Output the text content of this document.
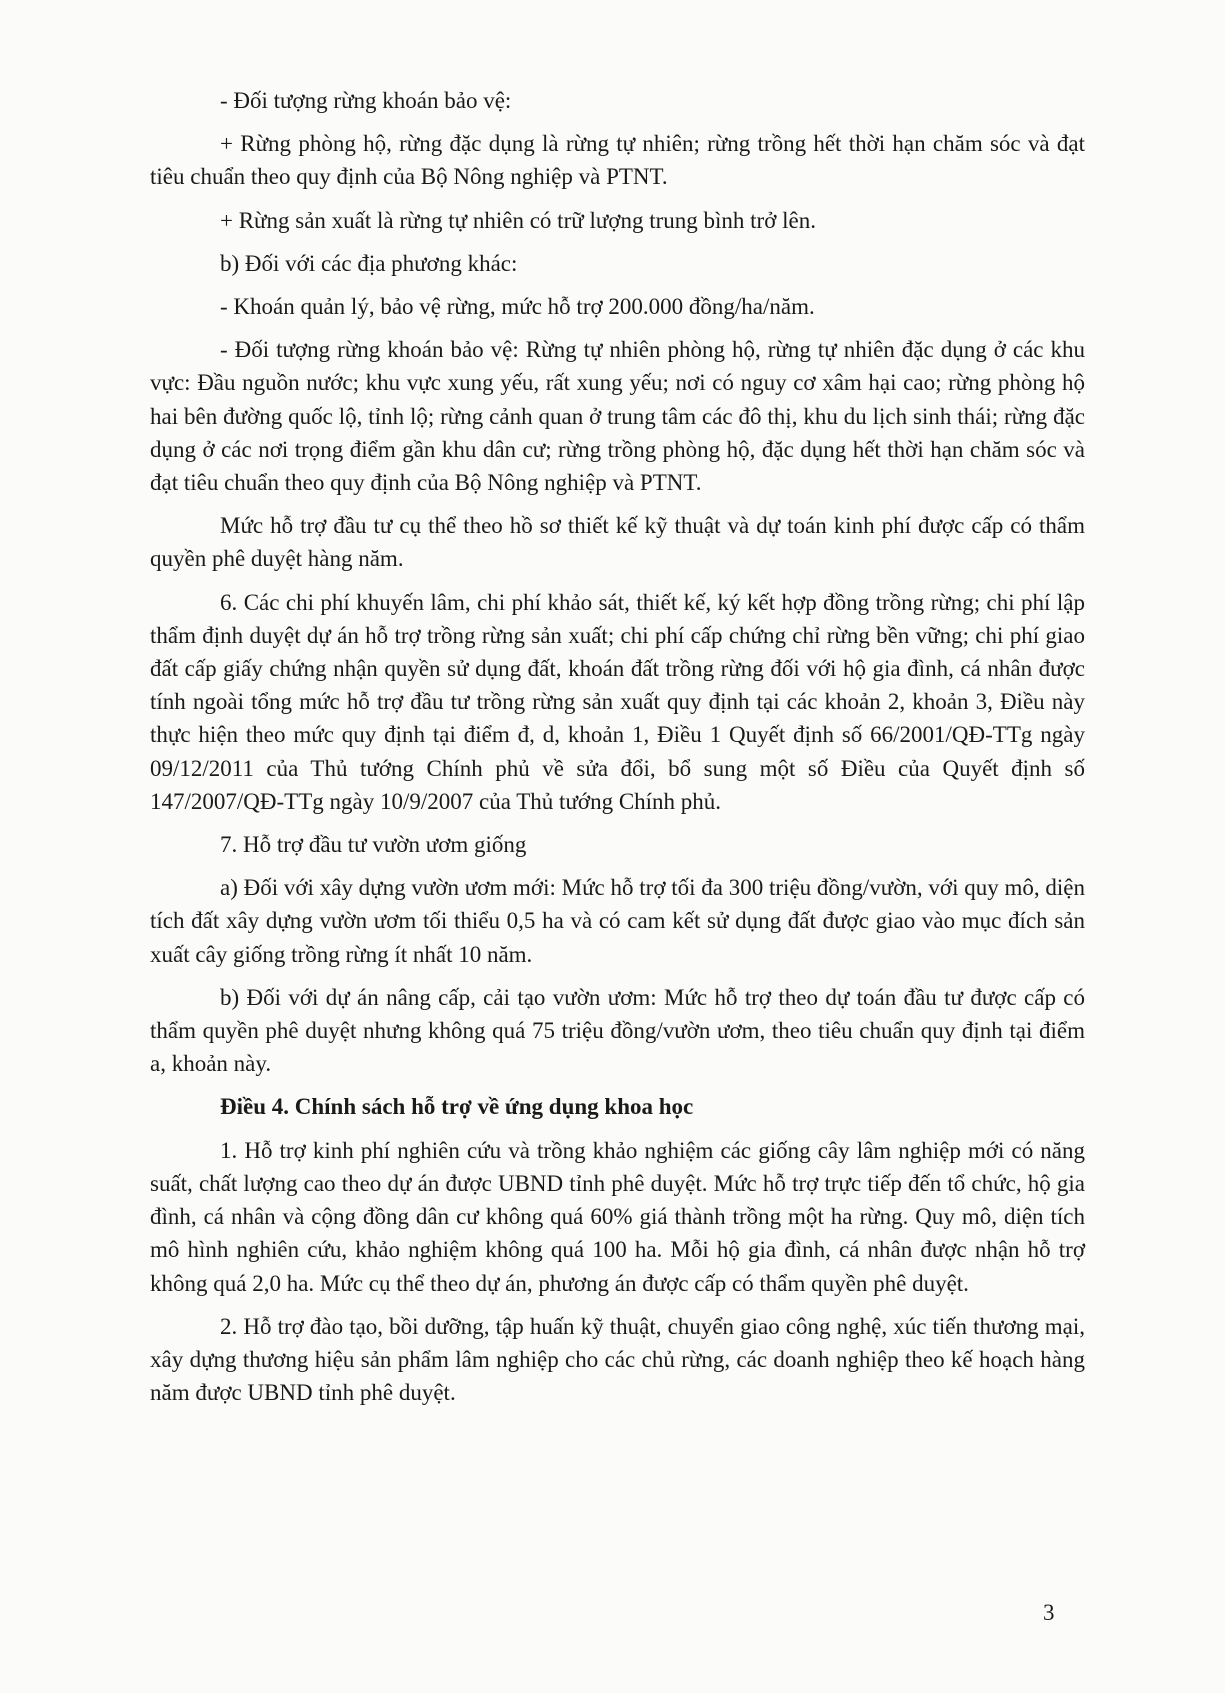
- Đối tượng rừng khoán bảo vệ:

+ Rừng phòng hộ, rừng đặc dụng là rừng tự nhiên; rừng trồng hết thời hạn chăm sóc và đạt tiêu chuẩn theo quy định của Bộ Nông nghiệp và PTNT.

+ Rừng sản xuất là rừng tự nhiên có trữ lượng trung bình trở lên.

b) Đối với các địa phương khác:

- Khoán quản lý, bảo vệ rừng, mức hỗ trợ 200.000 đồng/ha/năm.

- Đối tượng rừng khoán bảo vệ: Rừng tự nhiên phòng hộ, rừng tự nhiên đặc dụng ở các khu vực: Đầu nguồn nước; khu vực xung yếu, rất xung yếu; nơi có nguy cơ xâm hại cao; rừng phòng hộ hai bên đường quốc lộ, tỉnh lộ; rừng cảnh quan ở trung tâm các đô thị, khu du lịch sinh thái; rừng đặc dụng ở các nơi trọng điểm gần khu dân cư; rừng trồng phòng hộ, đặc dụng hết thời hạn chăm sóc và đạt tiêu chuẩn theo quy định của Bộ Nông nghiệp và PTNT.

Mức hỗ trợ đầu tư cụ thể theo hồ sơ thiết kế kỹ thuật và dự toán kinh phí được cấp có thẩm quyền phê duyệt hàng năm.

6. Các chi phí khuyến lâm, chi phí khảo sát, thiết kế, ký kết hợp đồng trồng rừng; chi phí lập thẩm định duyệt dự án hỗ trợ trồng rừng sản xuất; chi phí cấp chứng chỉ rừng bền vững; chi phí giao đất cấp giấy chứng nhận quyền sử dụng đất, khoán đất trồng rừng đối với hộ gia đình, cá nhân được tính ngoài tổng mức hỗ trợ đầu tư trồng rừng sản xuất quy định tại các khoản 2, khoản 3, Điều này thực hiện theo mức quy định tại điểm đ, d, khoản 1, Điều 1 Quyết định số 66/2001/QĐ-TTg ngày 09/12/2011 của Thủ tướng Chính phủ về sửa đổi, bổ sung một số Điều của Quyết định số 147/2007/QĐ-TTg ngày 10/9/2007 của Thủ tướng Chính phủ.

7. Hỗ trợ đầu tư vườn ươm giống

a) Đối với xây dựng vườn ươm mới: Mức hỗ trợ tối đa 300 triệu đồng/vườn, với quy mô, diện tích đất xây dựng vườn ươm tối thiểu 0,5 ha và có cam kết sử dụng đất được giao vào mục đích sản xuất cây giống trồng rừng ít nhất 10 năm.

b) Đối với dự án nâng cấp, cải tạo vườn ươm: Mức hỗ trợ theo dự toán đầu tư được cấp có thẩm quyền phê duyệt nhưng không quá 75 triệu đồng/vườn ươm, theo tiêu chuẩn quy định tại điểm a, khoản này.

Điều 4. Chính sách hỗ trợ về ứng dụng khoa học

1. Hỗ trợ kinh phí nghiên cứu và trồng khảo nghiệm các giống cây lâm nghiệp mới có năng suất, chất lượng cao theo dự án được UBND tỉnh phê duyệt. Mức hỗ trợ trực tiếp đến tổ chức, hộ gia đình, cá nhân và cộng đồng dân cư không quá 60% giá thành trồng một ha rừng. Quy mô, diện tích mô hình nghiên cứu, khảo nghiệm không quá 100 ha. Mỗi hộ gia đình, cá nhân được nhận hỗ trợ không quá 2,0 ha. Mức cụ thể theo dự án, phương án được cấp có thẩm quyền phê duyệt.

2. Hỗ trợ đào tạo, bồi dưỡng, tập huấn kỹ thuật, chuyển giao công nghệ, xúc tiến thương mại, xây dựng thương hiệu sản phẩm lâm nghiệp cho các chủ rừng, các doanh nghiệp theo kế hoạch hàng năm được UBND tỉnh phê duyệt.

3
